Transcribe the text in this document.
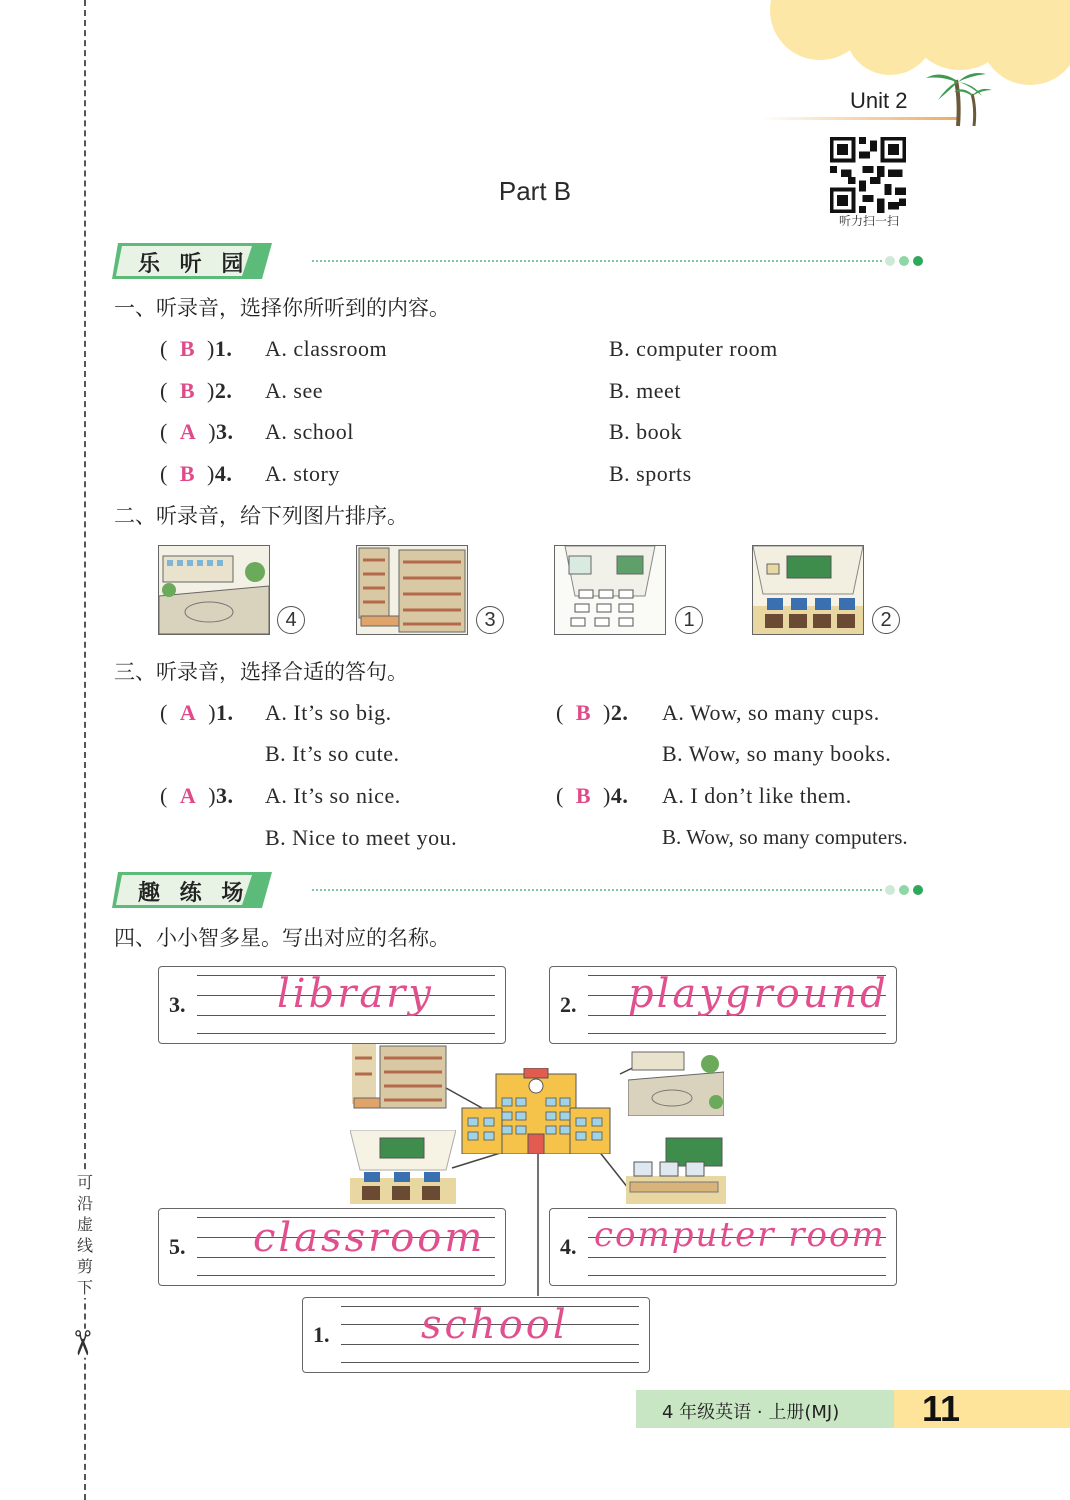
可沿虚线剪下
✂
Unit 2
听力扫一扫
Part B
乐 听 园
一、听录音，选择你所听到的内容。
(  B  )1. A. classroom	B. computer room
(  B  )2. A. see	B. meet
(  A  )3. A. school	B. book
(  B  )4. A. story	B. sports
二、听录音，给下列图片排序。
4	3	1	2
三、听录音，选择合适的答句。
(  A  )1. A. It’s so big.
B. It’s so cute.
(  B  )2. A. Wow, so many cups.
B. Wow, so many books.
(  A  )3. A. It’s so nice.
B. Nice to meet you.
(  B  )4. A. I don’t like them.
B. Wow, so many computers.
趣 练 场
四、小小智多星。写出对应的名称。
3. library	2. playground
5. classroom	4. computer room
1. school
4 年级英语 · 上册(MJ) 11
